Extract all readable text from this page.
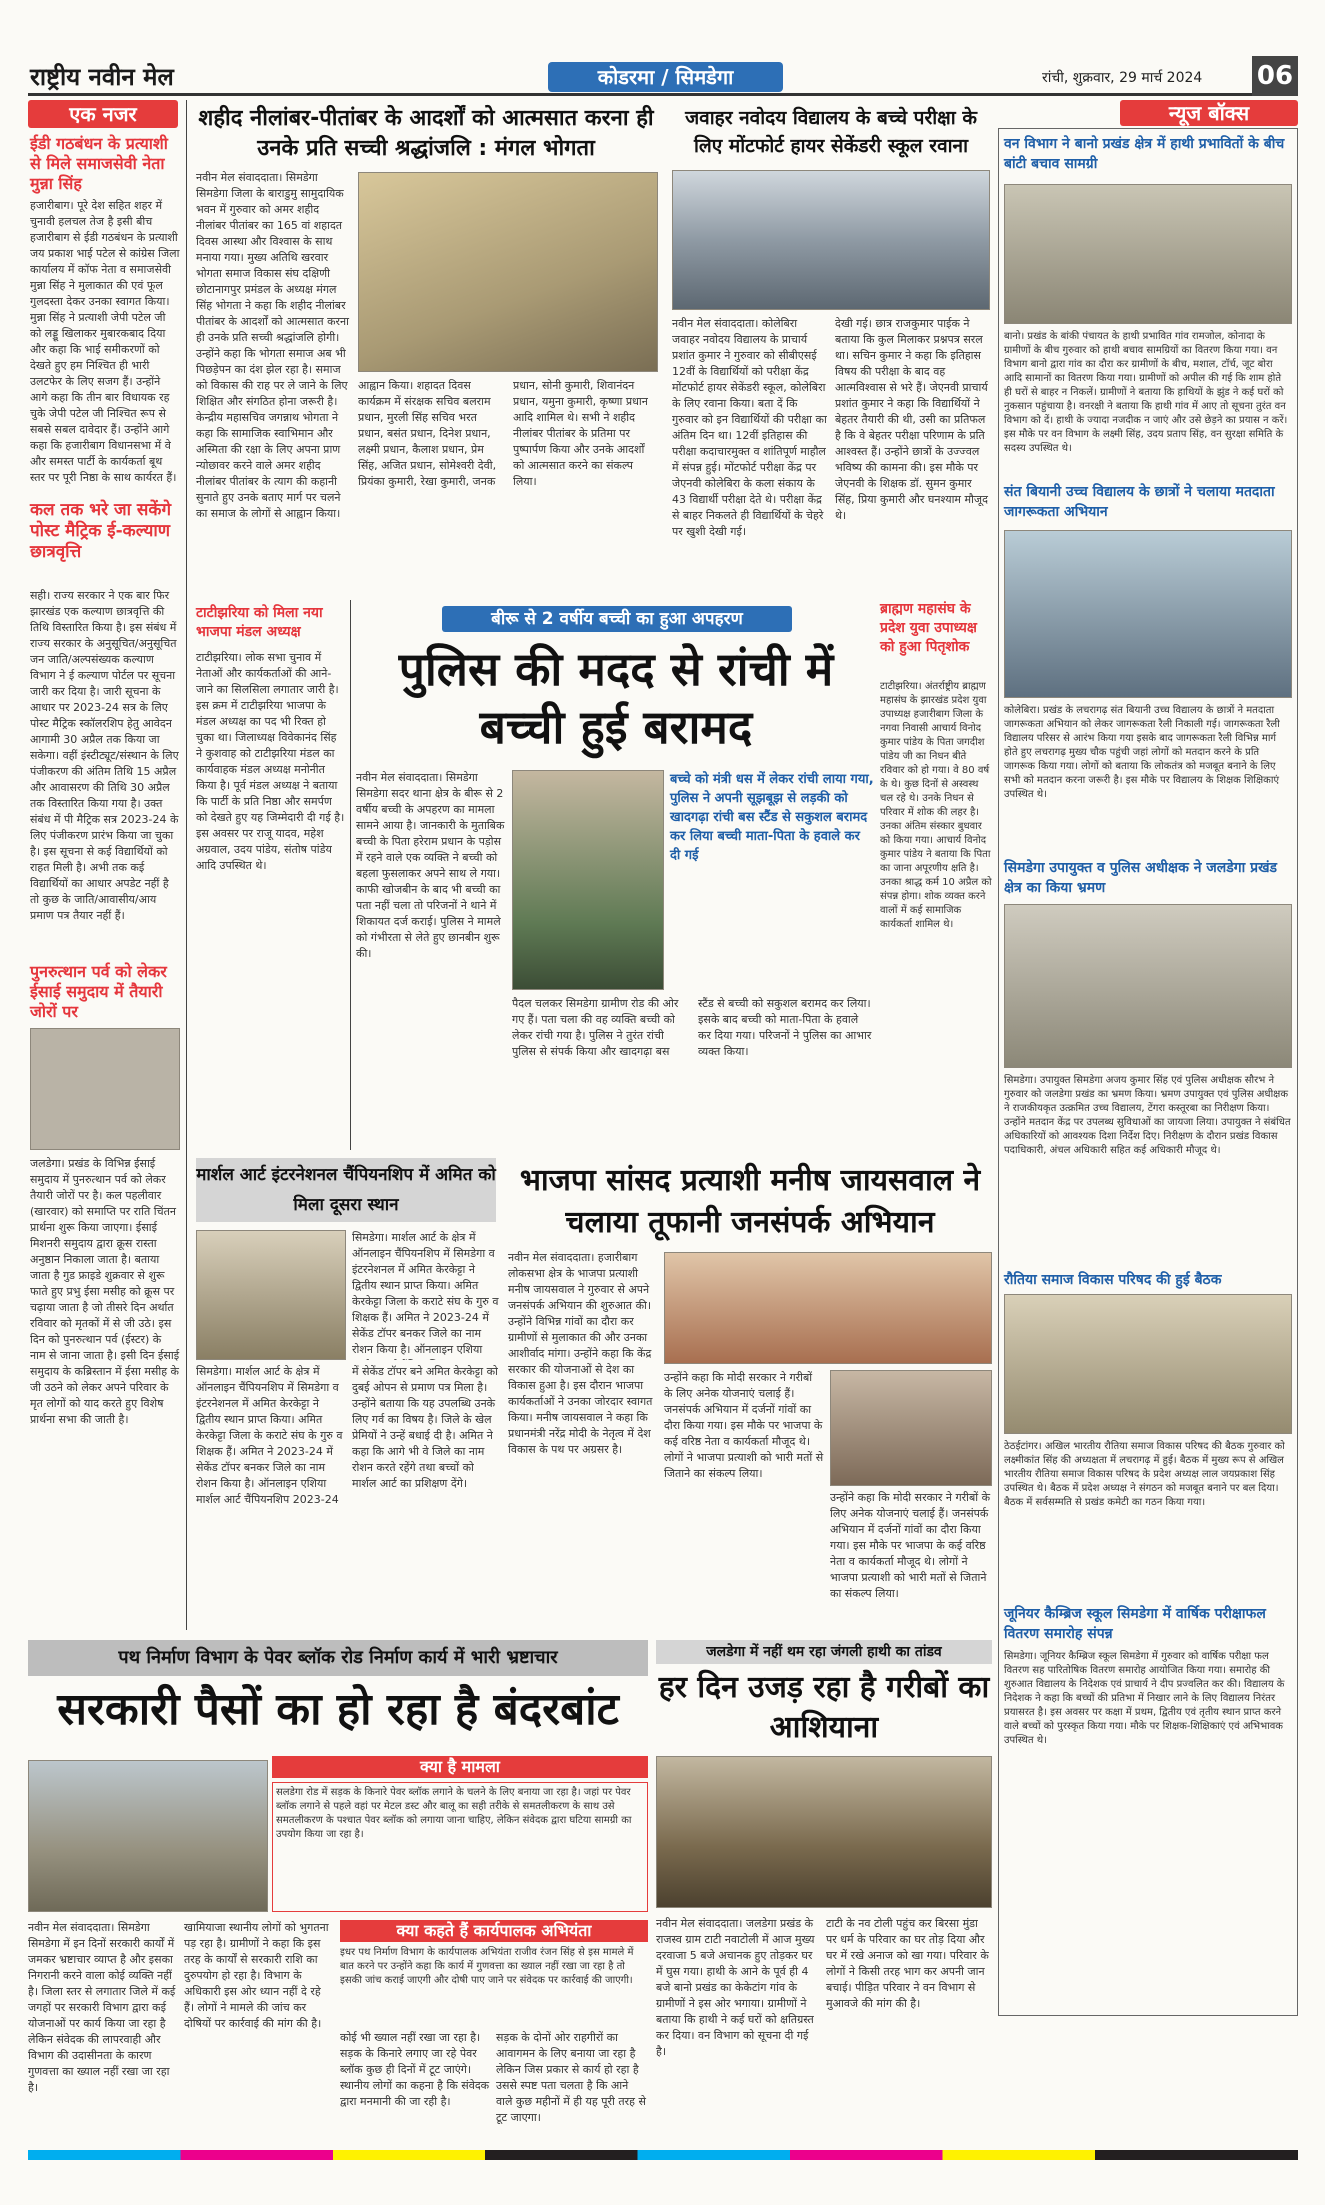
राष्ट्रीय नवीन मेल	कोडरमा / सिमडेगा	रांची, शुक्रवार, 29 मार्च 2024 06
एक नजर
ईडी गठबंधन के प्रत्याशी से मिले समाजसेवी नेता मुन्ना सिंह
हजारीबाग। पूरे देश सहित शहर में चुनावी हलचल तेज है इसी बीच हजारीबाग से ईडी गठबंधन के प्रत्याशी जय प्रकाश भाई पटेल से कांग्रेस जिला कार्यालय में कॉफ नेता व समाजसेवी मुन्ना सिंह ने मुलाकात की एवं फूल गुलदस्ता देकर उनका स्वागत किया। मुन्ना सिंह ने प्रत्याशी जेपी पटेल जी को लड्डू खिलाकर मुबारकबाद दिया और कहा कि भाई समीकरणों को देखते हुए हम निश्चित ही भारी उलटफेर के लिए सजग हैं। उन्होंने आगे कहा कि तीन बार विधायक रह चुके जेपी पटेल जी निश्चित रूप से सबसे सबल दावेदार हैं। उन्होंने आगे कहा कि हजारीबाग विधानसभा में वे और समस्त पार्टी के कार्यकर्ता बूथ स्तर पर पूरी निष्ठा के साथ कार्यरत हैं।
कल तक भरे जा सकेंगे पोस्ट मैट्रिक ई-कल्याण छात्रवृत्ति
सही। राज्य सरकार ने एक बार फिर झारखंड एक कल्याण छात्रवृत्ति की तिथि विस्तारित किया है। इस संबंध में राज्य सरकार के अनुसूचित/अनुसूचित जन जाति/अल्पसंख्यक कल्याण विभाग ने ई कल्याण पोर्टल पर सूचना जारी कर दिया है। जारी सूचना के आधार पर 2023-24 सत्र के लिए पोस्ट मैट्रिक स्कॉलरशिप हेतु आवेदन आगामी 30 अप्रैल तक किया जा सकेगा। वहीं इंस्टीट्यूट/संस्थान के लिए पंजीकरण की अंतिम तिथि 15 अप्रैल और आवासरण की तिथि 30 अप्रैल तक विस्तारित किया गया है। उक्त संबंध में पी मैट्रिक सत्र 2023-24 के लिए पंजीकरण प्रारंभ किया जा चुका है। इस सूचना से कई विद्यार्थियों को राहत मिली है। अभी तक कई विद्यार्थियों का आधार अपडेट नहीं है तो कुछ के जाति/आवासीय/आय प्रमाण पत्र तैयार नहीं हैं।
पुनरुत्थान पर्व को लेकर ईसाई समुदाय में तैयारी जोरों पर
जलडेगा। प्रखंड के विभिन्न ईसाई समुदाय में पुनरुत्थान पर्व को लेकर तैयारी जोरों पर है। कल पहलीवार (खारवार) को समाप्ति पर राति चिंतन प्रार्थना शुरू किया जाएगा। ईसाई मिशनरी समुदाय द्वारा क्रूस रास्ता अनुष्ठान निकाला जाता है। बताया जाता है गुड फ्राइडे शुक्रवार से शुरू फाते हुए प्रभु ईसा मसीह को क्रूस पर चढ़ाया जाता है जो तीसरे दिन अर्थात रविवार को मृतकों में से जी उठे। इस दिन को पुनरुत्थान पर्व (ईस्टर) के नाम से जाना जाता है। इसी दिन ईसाई समुदाय के कब्रिस्तान में ईसा मसीह के जी उठने को लेकर अपने परिवार के मृत लोगों को याद करते हुए विशेष प्रार्थना सभा की जाती है।
शहीद नीलांबर-पीतांबर के आदर्शों को आत्मसात करना ही उनके प्रति सच्ची श्रद्धांजलि : मंगल भोगता
नवीन मेल संवाददाता। सिमडेगा सिमडेगा जिला के बाराडुमु सामुदायिक भवन में गुरुवार को अमर शहीद नीलांबर पीतांबर का 165 वां शहादत दिवस आस्था और विश्वास के साथ मनाया गया। मुख्य अतिथि खरवार भोगता समाज विकास संघ दक्षिणी छोटानागपुर प्रमंडल के अध्यक्ष मंगल सिंह भोगता ने कहा कि शहीद नीलांबर पीतांबर के आदर्शों को आत्मसात करना ही उनके प्रति सच्ची श्रद्धांजलि होगी। उन्होंने कहा कि भोगता समाज अब भी पिछड़ेपन का दंश झेल रहा है। समाज को विकास की राह पर ले जाने के लिए शिक्षित और संगठित होना जरूरी है। केन्द्रीय महासचिव जगन्नाथ भोगता ने कहा कि सामाजिक स्वाभिमान और अस्मिता की रक्षा के लिए अपना प्राण न्योछावर करने वाले अमर शहीद नीलांबर पीतांबर के त्याग की कहानी सुनाते हुए उनके बताए मार्ग पर चलने का समाज के लोगों से आह्वान किया।
आह्वान किया। शहादत दिवस कार्यक्रम में संरक्षक सचिव बलराम प्रधान, मुरली सिंह सचिव भरत प्रधान, बसंत प्रधान, दिनेश प्रधान, लक्ष्मी प्रधान, कैलाश प्रधान, प्रेम सिंह, अजित प्रधान, सोमेश्वरी देवी, प्रियंका कुमारी, रेखा कुमारी, जनक प्रधान, सोनी कुमारी, शिवानंदन प्रधान, यमुना कुमारी, कृष्णा प्रधान आदि शामिल थे। सभी ने शहीद नीलांबर पीतांबर के प्रतिमा पर पुष्पार्पण किया और उनके आदर्शों को आत्मसात करने का संकल्प लिया।
जवाहर नवोदय विद्यालय के बच्चे परीक्षा के लिए मोंटफोर्ट हायर सेकेंडरी स्कूल रवाना
नवीन मेल संवाददाता। कोलेबिरा जवाहर नवोदय विद्यालय के प्राचार्य प्रशांत कुमार ने गुरुवार को सीबीएसई 12वीं के विद्यार्थियों को परीक्षा केंद्र मोंटफोर्ट हायर सेकेंडरी स्कूल, कोलेबिरा के लिए रवाना किया। बता दें कि गुरुवार को इन विद्यार्थियों की परीक्षा का अंतिम दिन था। 12वीं इतिहास की परीक्षा कदाचारमुक्त व शांतिपूर्ण माहौल में संपन्न हुई। मोंटफोर्ट परीक्षा केंद्र पर जेएनवी कोलेबिरा के कला संकाय के 43 विद्यार्थी परीक्षा देते थे। परीक्षा केंद्र से बाहर निकलते ही विद्यार्थियों के चेहरे पर खुशी देखी गई।
देखी गई। छात्र राजकुमार पाईक ने बताया कि कुल मिलाकर प्रश्नपत्र सरल था। सचिन कुमार ने कहा कि इतिहास विषय की परीक्षा के बाद वह आत्मविश्वास से भरे हैं। जेएनवी प्राचार्य प्रशांत कुमार ने कहा कि विद्यार्थियों ने बेहतर तैयारी की थी, उसी का प्रतिफल है कि वे बेहतर परीक्षा परिणाम के प्रति आश्वस्त हैं। उन्होंने छात्रों के उज्ज्वल भविष्य की कामना की। इस मौके पर जेएनवी के शिक्षक डॉ. सुमन कुमार सिंह, प्रिया कुमारी और घनश्याम मौजूद थे।
न्यूज बॉक्स
वन विभाग ने बानो प्रखंड क्षेत्र में हाथी प्रभावितों के बीच बांटी बचाव सामग्री
बानो। प्रखंड के बांकी पंचायत के हाथी प्रभावित गांव रामजोल, कोनादा के ग्रामीणों के बीच गुरुवार को हाथी बचाव सामग्रियों का वितरण किया गया। वन विभाग बानो द्वारा गांव का दौरा कर ग्रामीणों के बीच, मशाल, टॉर्च, जूट बोरा आदि सामानों का वितरण किया गया। ग्रामीणों को अपील की गई कि शाम होते ही घरों से बाहर न निकलें। ग्रामीणों ने बताया कि हाथियों के झुंड ने कई घरों को नुकसान पहुंचाया है। वनरक्षी ने बताया कि हाथी गांव में आए तो सूचना तुरंत वन विभाग को दें। हाथी के ज्यादा नजदीक न जाएं और उसे छेड़ने का प्रयास न करें। इस मौके पर वन विभाग के लक्ष्मी सिंह, उदय प्रताप सिंह, वन सुरक्षा समिति के सदस्य उपस्थित थे।
संत बियानी उच्च विद्यालय के छात्रों ने चलाया मतदाता जागरूकता अभियान
कोलेबिरा। प्रखंड के लचरागढ़ संत बियानी उच्च विद्यालय के छात्रों ने मतदाता जागरूकता अभियान को लेकर जागरूकता रैली निकाली गई। जागरूकता रैली विद्यालय परिसर से आरंभ किया गया इसके बाद जागरूकता रैली विभिन्न मार्ग होते हुए लचरागढ़ मुख्य चौक पहुंची जहां लोगों को मतदान करने के प्रति जागरूक किया गया। लोगों को बताया कि लोकतंत्र को मजबूत बनाने के लिए सभी को मतदान करना जरूरी है। इस मौके पर विद्यालय के शिक्षक शिक्षिकाएं उपस्थित थे।
सिमडेगा उपायुक्त व पुलिस अधीक्षक ने जलडेगा प्रखंड क्षेत्र का किया भ्रमण
सिमडेगा। उपायुक्त सिमडेगा अजय कुमार सिंह एवं पुलिस अधीक्षक सौरभ ने गुरुवार को जलडेगा प्रखंड का भ्रमण किया। भ्रमण उपायुक्त एवं पुलिस अधीक्षक ने राजकीयकृत उत्क्रमित उच्च विद्यालय, टेंगरा कस्तूरबा का निरीक्षण किया। उन्होंने मतदान केंद्र पर उपलब्ध सुविधाओं का जायजा लिया। उपायुक्त ने संबंधित अधिकारियों को आवश्यक दिशा निर्देश दिए। निरीक्षण के दौरान प्रखंड विकास पदाधिकारी, अंचल अधिकारी सहित कई अधिकारी मौजूद थे।
रौतिया समाज विकास परिषद की हुई बैठक
ठेठईटांगर। अखिल भारतीय रौतिया समाज विकास परिषद की बैठक गुरुवार को लक्ष्मीकांत सिंह की अध्यक्षता में लचरागढ़ में हुई। बैठक में मुख्य रूप से अखिल भारतीय रौतिया समाज विकास परिषद के प्रदेश अध्यक्ष लाल जयप्रकाश सिंह उपस्थित थे। बैठक में प्रदेश अध्यक्ष ने संगठन को मजबूत बनाने पर बल दिया। बैठक में सर्वसम्मति से प्रखंड कमेटी का गठन किया गया।
जूनियर कैम्ब्रिज स्कूल सिमडेगा में वार्षिक परीक्षाफल वितरण समारोह संपन्न
सिमडेगा। जूनियर कैम्ब्रिज स्कूल सिमडेगा में गुरुवार को वार्षिक परीक्षा फल वितरण सह पारितोषिक वितरण समारोह आयोजित किया गया। समारोह की शुरुआत विद्यालय के निदेशक एवं प्राचार्य ने दीप प्रज्वलित कर की। विद्यालय के निदेशक ने कहा कि बच्चों की प्रतिभा में निखार लाने के लिए विद्यालय निरंतर प्रयासरत है। इस अवसर पर कक्षा में प्रथम, द्वितीय एवं तृतीय स्थान प्राप्त करने वाले बच्चों को पुरस्कृत किया गया। मौके पर शिक्षक-शिक्षिकाएं एवं अभिभावक उपस्थित थे।
टाटीझरिया को मिला नया भाजपा मंडल अध्यक्ष
टाटीझरिया। लोक सभा चुनाव में नेताओं और कार्यकर्ताओं की आने-जाने का सिलसिला लगातार जारी है। इस क्रम में टाटीझरिया भाजपा के मंडल अध्यक्ष का पद भी रिक्त हो चुका था। जिलाध्यक्ष विवेकानंद सिंह ने कुशवाह को टाटीझरिया मंडल का कार्यवाहक मंडल अध्यक्ष मनोनीत किया है। पूर्व मंडल अध्यक्ष ने बताया कि पार्टी के प्रति निष्ठा और समर्पण को देखते हुए यह जिम्मेदारी दी गई है। इस अवसर पर राजू यादव, महेश अग्रवाल, उदय पांडेय, संतोष पांडेय आदि उपस्थित थे।
बीरू से 2 वर्षीय बच्ची का हुआ अपहरण
पुलिस की मदद से रांची में बच्ची हुई बरामद
नवीन मेल संवाददाता। सिमडेगा सिमडेगा सदर थाना क्षेत्र के बीरू से 2 वर्षीय बच्ची के अपहरण का मामला सामने आया है। जानकारी के मुताबिक बच्ची के पिता हरेराम प्रधान के पड़ोस में रहने वाले एक व्यक्ति ने बच्ची को बहला फुसलाकर अपने साथ ले गया। काफी खोजबीन के बाद भी बच्ची का पता नहीं चला तो परिजनों ने थाने में शिकायत दर्ज कराई। पुलिस ने मामले को गंभीरता से लेते हुए छानबीन शुरू की।
बच्चे को मंत्री धस में लेकर रांची लाया गया, पुलिस ने अपनी सूझबूझ से लड़की को खादगढ़ा रांची बस स्टैंड से सकुशल बरामद कर लिया बच्ची माता-पिता के हवाले कर दी गई
पैदल चलकर सिमडेगा ग्रामीण रोड की ओर गए हैं। पता चला की वह व्यक्ति बच्ची को लेकर रांची गया है। पुलिस ने तुरंत रांची पुलिस से संपर्क किया और खादगढ़ा बस स्टैंड से बच्ची को सकुशल बरामद कर लिया। इसके बाद बच्ची को माता-पिता के हवाले कर दिया गया। परिजनों ने पुलिस का आभार व्यक्त किया।
ब्राह्मण महासंघ के प्रदेश युवा उपाध्यक्ष को हुआ पितृशोक
टाटीझरिया। अंतर्राष्ट्रीय ब्राह्मण महासंघ के झारखंड प्रदेश युवा उपाध्यक्ष हजारीबाग जिला के नगवा निवासी आचार्य विनोद कुमार पांडेय के पिता जगदीश पांडेय जी का निधन बीते रविवार को हो गया। वे 80 वर्ष के थे। कुछ दिनों से अस्वस्थ चल रहे थे। उनके निधन से परिवार में शोक की लहर है। उनका अंतिम संस्कार बुधवार को किया गया। आचार्य विनोद कुमार पांडेय ने बताया कि पिता का जाना अपूरणीय क्षति है। उनका श्राद्ध कर्म 10 अप्रैल को संपन्न होगा। शोक व्यक्त करने वालों में कई सामाजिक कार्यकर्ता शामिल थे।
मार्शल आर्ट इंटरनेशनल चैंपियनशिप में अमित को मिला दूसरा स्थान
सिमडेगा। मार्शल आर्ट के क्षेत्र में ऑनलाइन चैंपियनशिप में सिमडेगा व इंटरनेशनल में अमित केरकेट्टा ने द्वितीय स्थान प्राप्त किया। अमित केरकेट्टा जिला के कराटे संघ के गुरु व शिक्षक हैं। अमित ने 2023-24 में सेकेंड टॉपर बनकर जिले का नाम रोशन किया है। ऑनलाइन एशिया
सिमडेगा। मार्शल आर्ट के क्षेत्र में ऑनलाइन चैंपियनशिप में सिमडेगा व इंटरनेशनल में अमित केरकेट्टा ने द्वितीय स्थान प्राप्त किया। अमित केरकेट्टा जिला के कराटे संघ के गुरु व शिक्षक हैं। अमित ने 2023-24 में सेकेंड टॉपर बनकर जिले का नाम रोशन किया है। ऑनलाइन एशिया मार्शल आर्ट चैंपियनशिप 2023-24 में सेकेंड टॉपर बने अमित केरकेट्टा को दुबई ओपन से प्रमाण पत्र मिला है। उन्होंने बताया कि यह उपलब्धि उनके लिए गर्व का विषय है। जिले के खेल प्रेमियों ने उन्हें बधाई दी है। अमित ने कहा कि आगे भी वे जिले का नाम रोशन करते रहेंगे तथा बच्चों को मार्शल आर्ट का प्रशिक्षण देंगे।
भाजपा सांसद प्रत्याशी मनीष जायसवाल ने चलाया तूफानी जनसंपर्क अभियान
नवीन मेल संवाददाता। हजारीबाग लोकसभा क्षेत्र के भाजपा प्रत्याशी मनीष जायसवाल ने गुरुवार से अपने जनसंपर्क अभियान की शुरुआत की। उन्होंने विभिन्न गांवों का दौरा कर ग्रामीणों से मुलाकात की और उनका आशीर्वाद मांगा। उन्होंने कहा कि केंद्र सरकार की योजनाओं से देश का विकास हुआ है। इस दौरान भाजपा कार्यकर्ताओं ने उनका जोरदार स्वागत किया। मनीष जायसवाल ने कहा कि प्रधानमंत्री नरेंद्र मोदी के नेतृत्व में देश विकास के पथ पर अग्रसर है।
उन्होंने कहा कि मोदी सरकार ने गरीबों के लिए अनेक योजनाएं चलाई हैं। जनसंपर्क अभियान में दर्जनों गांवों का दौरा किया गया। इस मौके पर भाजपा के कई वरिष्ठ नेता व कार्यकर्ता मौजूद थे। लोगों ने भाजपा प्रत्याशी को भारी मतों से जिताने का संकल्प लिया।
उन्होंने कहा कि मोदी सरकार ने गरीबों के लिए अनेक योजनाएं चलाई हैं। जनसंपर्क अभियान में दर्जनों गांवों का दौरा किया गया। इस मौके पर भाजपा के कई वरिष्ठ नेता व कार्यकर्ता मौजूद थे। लोगों ने भाजपा प्रत्याशी को भारी मतों से जिताने का संकल्प लिया।
पथ निर्माण विभाग के पेवर ब्लॉक रोड निर्माण कार्य में भारी भ्रष्टाचार
सरकारी पैसों का हो रहा है बंदरबांट
क्या है मामला
सलडेगा रोड में सड़क के किनारे पेवर ब्लॉक लगाने के चलने के लिए बनाया जा रहा है। जहां पर पेवर ब्लॉक लगाने से पहले वहां पर मेटल डस्ट और बालू का सही तरीके से समतलीकरण के साथ उसे समतलीकरण के पश्चात पेवर ब्लॉक को लगाया जाना चाहिए, लेकिन संवेदक द्वारा घटिया सामग्री का उपयोग किया जा रहा है।
नवीन मेल संवाददाता। सिमडेगा सिमडेगा में इन दिनों सरकारी कार्यों में जमकर भ्रष्टाचार व्याप्त है और इसका निगरानी करने वाला कोई व्यक्ति नहीं है। जिला स्तर से लगातार जिले में कई जगहों पर सरकारी विभाग द्वारा कई योजनाओं पर कार्य किया जा रहा है लेकिन संवेदक की लापरवाही और विभाग की उदासीनता के कारण गुणवत्ता का ख्याल नहीं रखा जा रहा है।
खामियाजा स्थानीय लोगों को भुगतना पड़ रहा है। ग्रामीणों ने कहा कि इस तरह के कार्यों से सरकारी राशि का दुरुपयोग हो रहा है। विभाग के अधिकारी इस ओर ध्यान नहीं दे रहे हैं। लोगों ने मामले की जांच कर दोषियों पर कार्रवाई की मांग की है।
क्या कहते हैं कार्यपालक अभियंता
इधर पथ निर्माण विभाग के कार्यपालक अभियंता राजीव रंजन सिंह से इस मामले में बात करने पर उन्होंने कहा कि कार्य में गुणवत्ता का ख्याल नहीं रखा जा रहा है तो इसकी जांच कराई जाएगी और दोषी पाए जाने पर संवेदक पर कार्रवाई की जाएगी।
कोई भी ख्याल नहीं रखा जा रहा है। सड़क के किनारे लगाए जा रहे पेवर ब्लॉक कुछ ही दिनों में टूट जाएंगे। स्थानीय लोगों का कहना है कि संवेदक द्वारा मनमानी की जा रही है।
सड़क के दोनों ओर राहगीरों का आवागमन के लिए बनाया जा रहा है लेकिन जिस प्रकार से कार्य हो रहा है उससे स्पष्ट पता चलता है कि आने वाले कुछ महीनों में ही यह पूरी तरह से टूट जाएगा।
जलडेगा में नहीं थम रहा जंगली हाथी का तांडव
हर दिन उजड़ रहा है गरीबों का आशियाना
नवीन मेल संवाददाता। जलडेगा प्रखंड के राजस्व ग्राम टाटी नवाटोली में आज मुख्य दरवाजा 5 बजे अचानक हुए तोड़कर घर में घुस गया। हाथी के आने के पूर्व ही 4 बजे बानो प्रखंड का केकेटांग गांव के ग्रामीणों ने इस ओर भगाया। ग्रामीणों ने बताया कि हाथी ने कई घरों को क्षतिग्रस्त कर दिया। वन विभाग को सूचना दी गई है।
टाटी के नव टोली पहुंच कर बिरसा मुंडा पर धर्म के परिवार का घर तोड़ दिया और घर में रखे अनाज को खा गया। परिवार के लोगों ने किसी तरह भाग कर अपनी जान बचाई। पीड़ित परिवार ने वन विभाग से मुआवजे की मांग की है।
